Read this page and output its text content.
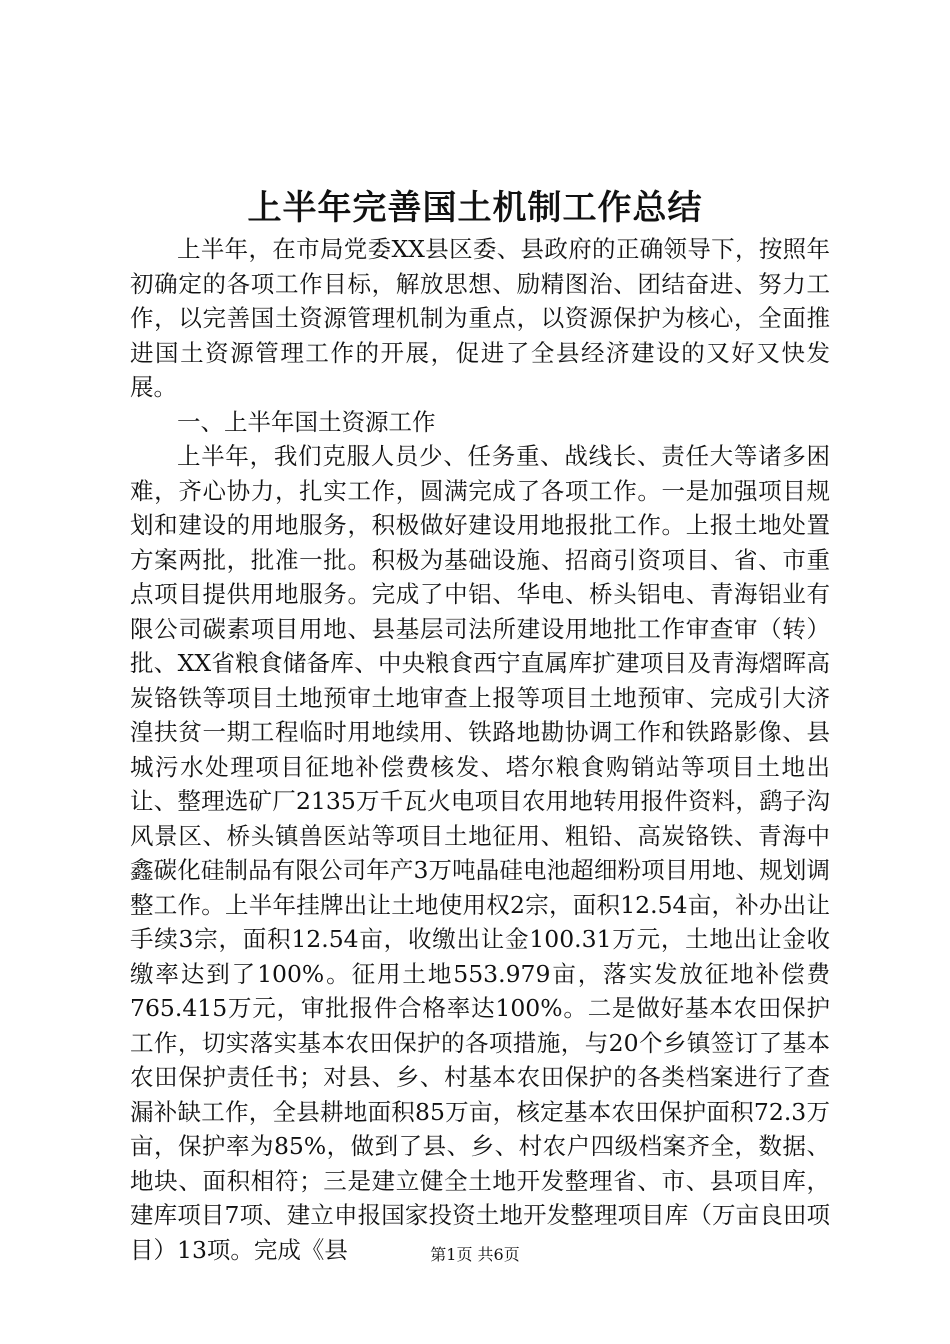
上半年完善国土机制工作总结

上半年，在市局党委XX县区委、县政府的正确领导下，按照年初确定的各项工作目标，解放思想、励精图治、团结奋进、努力工作，以完善国土资源管理机制为重点，以资源保护为核心，全面推进国土资源管理工作的开展，促进了全县经济建设的又好又快发展。

一、上半年国土资源工作

上半年，我们克服人员少、任务重、战线长、责任大等诸多困难，齐心协力，扎实工作，圆满完成了各项工作。一是加强项目规划和建设的用地服务，积极做好建设用地报批工作。上报土地处置方案两批，批准一批。积极为基础设施、招商引资项目、省、市重点项目提供用地服务。完成了中铝、华电、桥头铝电、青海铝业有限公司碳素项目用地、县基层司法所建设用地批工作审查审（转）批、XX省粮食储备库、中央粮食西宁直属库扩建项目及青海熠晖高炭铬铁等项目土地预审土地审查上报等项目土地预审、完成引大济湟扶贫一期工程临时用地续用、铁路地勘协调工作和铁路影像、县城污水处理项目征地补偿费核发、塔尔粮食购销站等项目土地出让、整理选矿厂2135万千瓦火电项目农用地转用报件资料，鹞子沟风景区、桥头镇兽医站等项目土地征用、粗铅、高炭铬铁、青海中鑫碳化硅制品有限公司年产3万吨晶硅电池超细粉项目用地、规划调整工作。上半年挂牌出让土地使用权2宗，面积12.54亩，补办出让手续3宗，面积12.54亩，收缴出让金100.31万元，土地出让金收缴率达到了100%。征用土地553.979亩，落实发放征地补偿费765.415万元，审批报件合格率达100%。二是做好基本农田保护工作，切实落实基本农田保护的各项措施，与20个乡镇签订了基本农田保护责任书；对县、乡、村基本农田保护的各类档案进行了查漏补缺工作，全县耕地面积85万亩，核定基本农田保护面积72.3万亩，保护率为85%，做到了县、乡、村农户四级档案齐全，数据、地块、面积相符；三是建立健全土地开发整理省、市、县项目库，建库项目7项、建立申报国家投资土地开发整理项目库（万亩良田项目）13项。完成《县	第1页 共6页
